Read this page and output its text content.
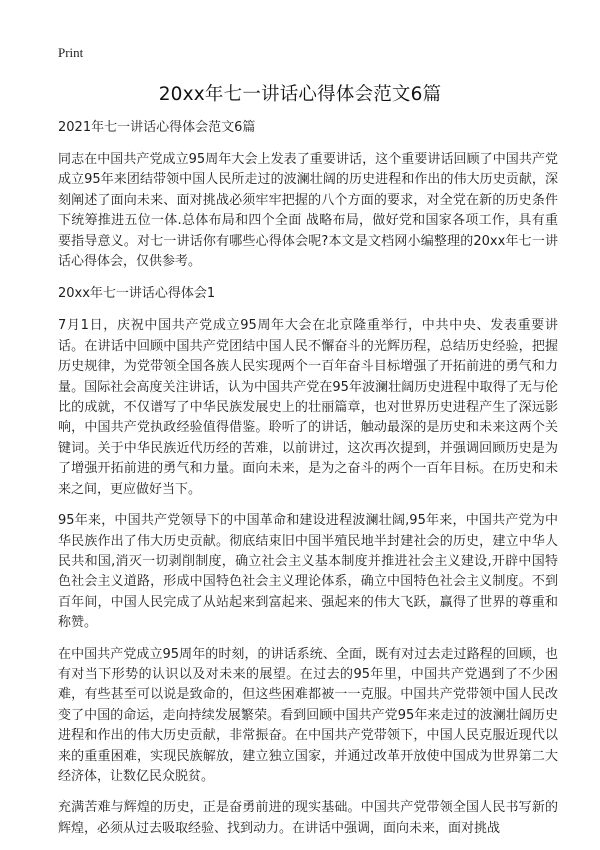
Print
20xx年七一讲话心得体会范文6篇

2021年七一讲话心得体会范文6篇

同志在中国共产党成立95周年大会上发表了重要讲话，这个重要讲话回顾了中国共产党成立95年来团结带领中国人民所走过的波澜壮阔的历史进程和作出的伟大历史贡献，深刻阐述了面向未来、面对挑战必须牢牢把握的八个方面的要求，对全党在新的历史条件下统筹推进五位一体.总体布局和四个全面 战略布局，做好党和国家各项工作，具有重要指导意义。对七一讲话你有哪些心得体会呢?本文是文档网小编整理的20xx年七一讲话心得体会，仅供参考。

20xx年七一讲话心得体会1

7月1日，庆祝中国共产党成立95周年大会在北京隆重举行，中共中央、发表重要讲话。在讲话中回顾中国共产党团结中国人民不懈奋斗的光辉历程，总结历史经验，把握历史规律，为党带领全国各族人民实现两个一百年奋斗目标增强了开拓前进的勇气和力量。国际社会高度关注讲话，认为中国共产党在95年波澜壮阔历史进程中取得了无与伦比的成就，不仅谱写了中华民族发展史上的壮丽篇章，也对世界历史进程产生了深远影响，中国共产党执政经验值得借鉴。聆听了的讲话，触动最深的是历史和未来这两个关键词。关于中华民族近代历经的苦难，以前讲过，这次再次提到，并强调回顾历史是为了增强开拓前进的勇气和力量。面向未来，是为之奋斗的两个一百年目标。在历史和未来之间，更应做好当下。

95年来，中国共产党领导下的中国革命和建设进程波澜壮阔,95年来，中国共产党为中华民族作出了伟大历史贡献。彻底结束旧中国半殖民地半封建社会的历史，建立中华人民共和国,消灭一切剥削制度，确立社会主义基本制度并推进社会主义建设,开辟中国特色社会主义道路，形成中国特色社会主义理论体系，确立中国特色社会主义制度。不到百年间，中国人民完成了从站起来到富起来、强起来的伟大飞跃，赢得了世界的尊重和称赞。

在中国共产党成立95周年的时刻，的讲话系统、全面，既有对过去走过路程的回顾，也有对当下形势的认识以及对未来的展望。在过去的95年里，中国共产党遇到了不少困难，有些甚至可以说是致命的，但这些困难都被一一克服。中国共产党带领中国人民改变了中国的命运，走向持续发展繁荣。看到回顾中国共产党95年来走过的波澜壮阔历史进程和作出的伟大历史贡献，非常振奋。在中国共产党带领下，中国人民克服近现代以来的重重困难，实现民族解放，建立独立国家，并通过改革开放使中国成为世界第二大经济体，让数亿民众脱贫。

充满苦难与辉煌的历史，正是奋勇前进的现实基础。中国共产党带领全国人民书写新的辉煌，必须从过去吸取经验、找到动力。在讲话中强调，面向未来，面对挑战
